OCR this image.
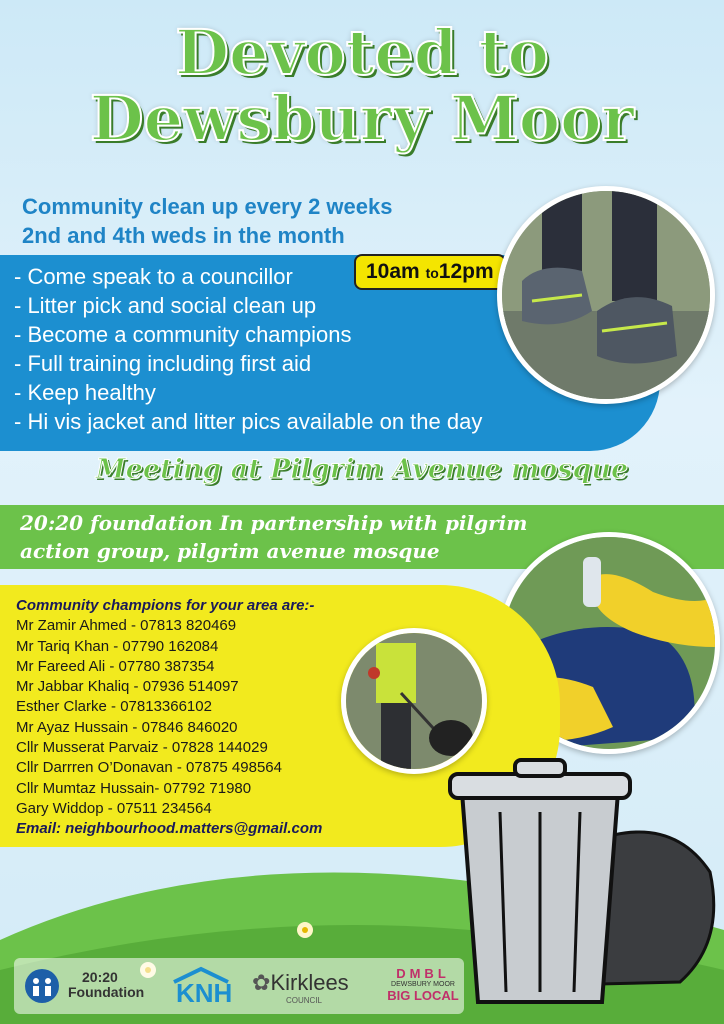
Devoted to
Dewsbury Moor
Community clean up every 2 weeks
2nd and 4th weds in the month
- Come speak to a councillor
- Litter pick and social clean up
- Become a community champions
- Full training including first aid
- Keep healthy
- Hi vis jacket and litter pics available on the day
10am to12pm
Meeting at Pilgrim Avenue mosque
20:20 foundation In partnership with pilgrim
action group, pilgrim avenue mosque
Community champions for your area are:-
Mr Zamir Ahmed - 07813 820469
Mr Tariq Khan - 07790 162084
Mr Fareed Ali - 07780 387354
Mr Jabbar Khaliq - 07936 514097
Esther Clarke - 07813366102
Mr Ayaz Hussain - 07846 846020
Cllr Musserat Parvaiz - 07828 144029
Cllr Darrren O’Donavan - 07875 498564
Cllr Mumtaz Hussain- 07792 71980
Gary Widdop - 07511 234564
Email: neighbourhood.matters@gmail.com
20:20
Foundation KNH ✿Kirklees
COUNCIL
DMBL
DEWSBURY MOOR
BIG LOCAL
